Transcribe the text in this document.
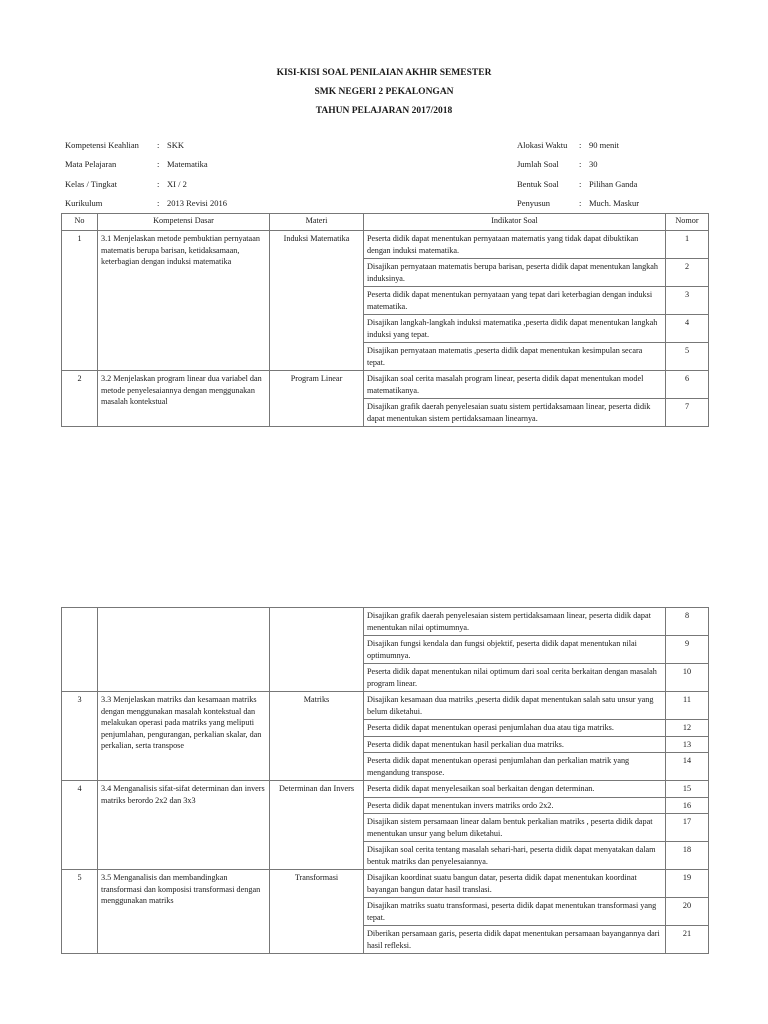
KISI-KISI SOAL PENILAIAN AKHIR SEMESTER
SMK NEGERI 2 PEKALONGAN
TAHUN PELAJARAN 2017/2018
Kompetensi Keahlian : SKK
Mata Pelajaran	: Matematika
Kelas / Tingkat	: XI / 2
Kurikulum	: 2013 Revisi 2016
Alokasi Waktu : 90 menit
Jumlah Soal : 30
Bentuk Soal : Pilihan Ganda
Penyusun	: Much. Maskur
No	Kompetensi Dasar	Materi	Indikator Soal	Nomor
1	3.1 Menjelaskan metode pembuktian pernyataan matematis berupa barisan, ketidaksamaan, keterbagian dengan induksi matematika	Induksi Matematika	Peserta didik dapat menentukan pernyataan matematis yang tidak dapat dibuktikan dengan induksi matematika.	1
			Disajikan pernyataan matematis berupa barisan, peserta didik dapat menentukan langkah induksinya.	2
			Peserta didik dapat menentukan pernyataan yang tepat dari keterbagian dengan induksi matematika.	3
			Disajikan langkah-langkah induksi matematika ,peserta didik dapat menentukan langkah induksi yang tepat.	4
			Disajikan pernyataan matematis ,peserta didik dapat menentukan kesimpulan secara tepat.	5
2	3.2 Menjelaskan program linear dua variabel dan metode penyelesaiannya dengan menggunakan masalah kontekstual	Program Linear	Disajikan soal cerita masalah program linear, peserta didik dapat menentukan model matematikanya.	6
			Disajikan grafik daerah penyelesaian suatu sistem pertidaksamaan linear, peserta didik dapat menentukan sistem pertidaksamaan linearnya.	7
			Disajikan grafik daerah penyelesaian sistem pertidaksamaan linear, peserta didik dapat menentukan nilai optimumnya.	8
			Disajikan fungsi kendala dan fungsi objektif, peserta didik dapat menentukan nilai optimumnya.	9
			Peserta didik dapat menentukan nilai optimum dari soal cerita berkaitan dengan masalah program linear.	10
3	3.3 Menjelaskan matriks dan kesamaan matriks dengan menggunakan masalah kontekstual dan melakukan operasi pada matriks yang meliputi penjumlahan, pengurangan, perkalian skalar, dan perkalian, serta transpose	Matriks	Disajikan kesamaan dua matriks ,peserta didik dapat menentukan salah satu unsur yang belum diketahui.	11
			Peserta didik dapat menentukan operasi penjumlahan dua atau tiga matriks.	12
			Peserta didik dapat menentukan hasil perkalian dua matriks.	13
			Peserta didik dapat menentukan operasi penjumlahan dan perkalian matrik yang mengandung transpose.	14
4	3.4 Menganalisis sifat-sifat determinan dan invers matriks berordo 2x2 dan 3x3	Determinan dan Invers	Peserta didik dapat menyelesaikan soal berkaitan dengan determinan.	15
			Peserta didik dapat menentukan invers matriks ordo 2x2.	16
			Disajikan sistem persamaan linear dalam bentuk perkalian matriks , peserta didik dapat menentukan unsur yang belum diketahui.	17
			Disajikan soal cerita tentang masalah sehari-hari, peserta didik dapat menyatakan dalam bentuk matriks dan penyelesaiannya.	18
5	3.5 Menganalisis dan membandingkan transformasi dan komposisi transformasi dengan menggunakan matriks	Transformasi	Disajikan koordinat suatu bangun datar, peserta didik dapat menentukan koordinat bayangan bangun datar hasil translasi.	19
			Disajikan matriks suatu transformasi, peserta didik dapat menentukan transformasi yang tepat.	20
			Diberikan persamaan garis, peserta didik dapat menentukan persamaan bayangannya dari hasil refleksi.	21
